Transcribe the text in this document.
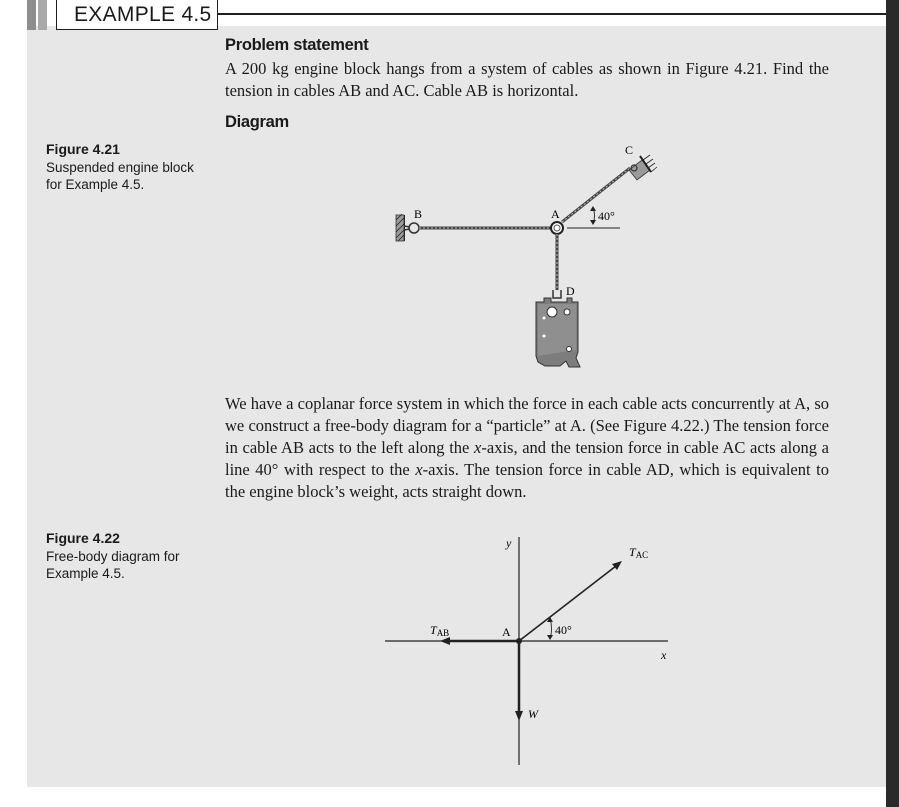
EXAMPLE 4.5
Problem statement
A 200 kg engine block hangs from a system of cables as shown in Figure 4.21. Find the tension in cables AB and AC. Cable AB is horizontal.
Diagram
Figure 4.21
Suspended engine block for Example 4.5.
40°
B	A
C
D
We have a coplanar force system in which the force in each cable acts concurrently at A, so we construct a free-body diagram for a “particle” at A. (See Figure 4.22.) The tension force in cable AB acts to the left along the x-axis, and the tension force in cable AC acts along a line 40° with respect to the x-axis. The tension force in cable AD, which is equivalent to the engine block’s weight, acts straight down.
Figure 4.22
Free-body diagram for Example 4.5.
y
x
A	40°
TAB
TAC
W
